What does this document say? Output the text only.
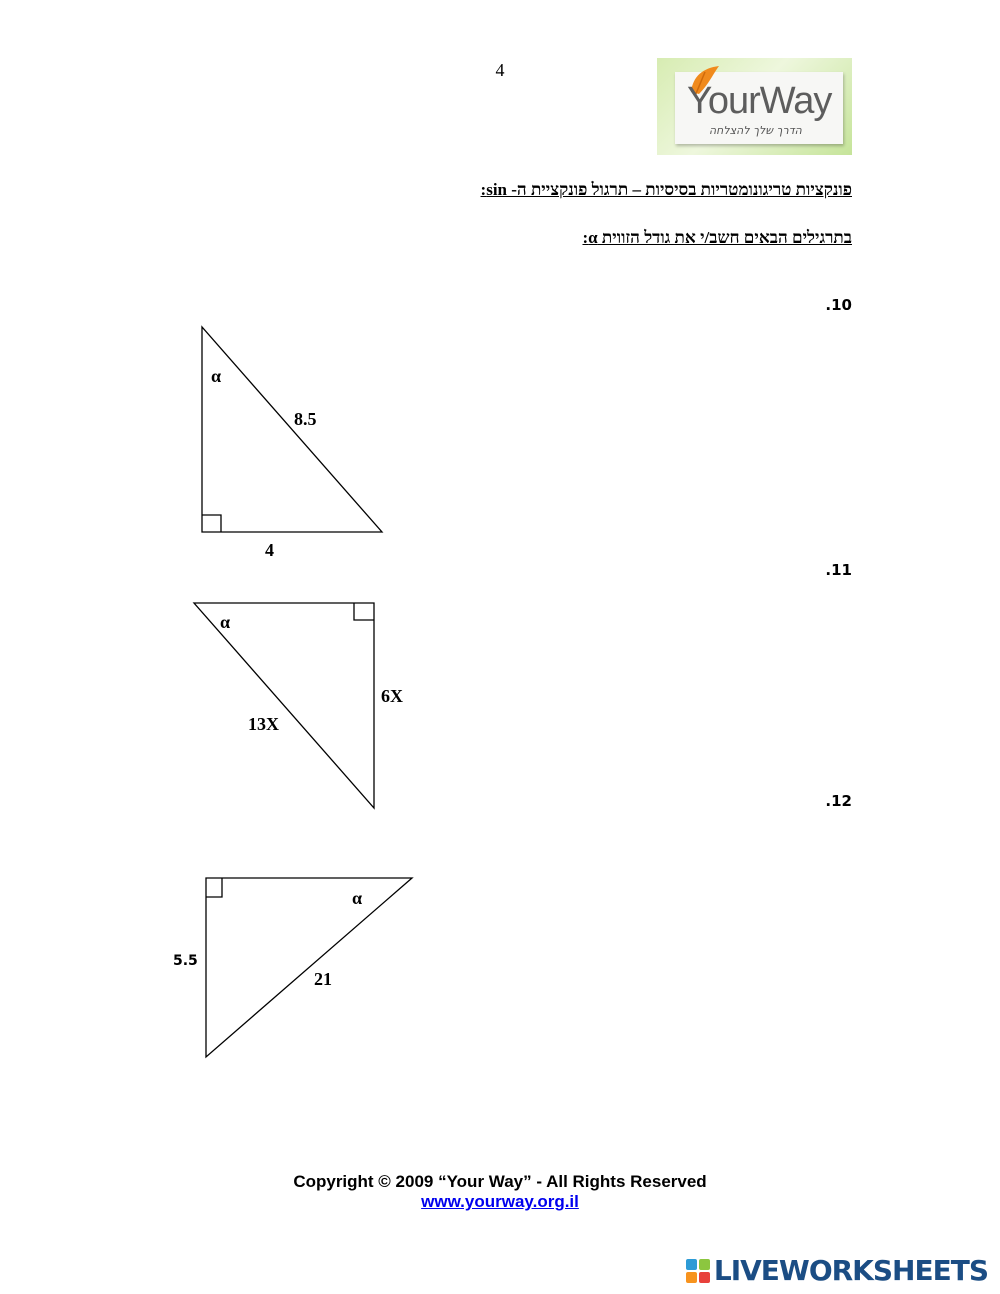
4
YourWay
הדרך שלך להצלחה
פונקציות טריגונומטריות בסיסיות – תרגול פונקציית ה- sin:
בתרגילים הבאים חשב/י את גודל הזווית α:
10.
11.
12.
α
8.5
4
α
13X
6X
α
21
5.5
Copyright © 2009 “Your Way” - All Rights Reserved
www.yourway.org.il
LIVEWORKSHEETS
